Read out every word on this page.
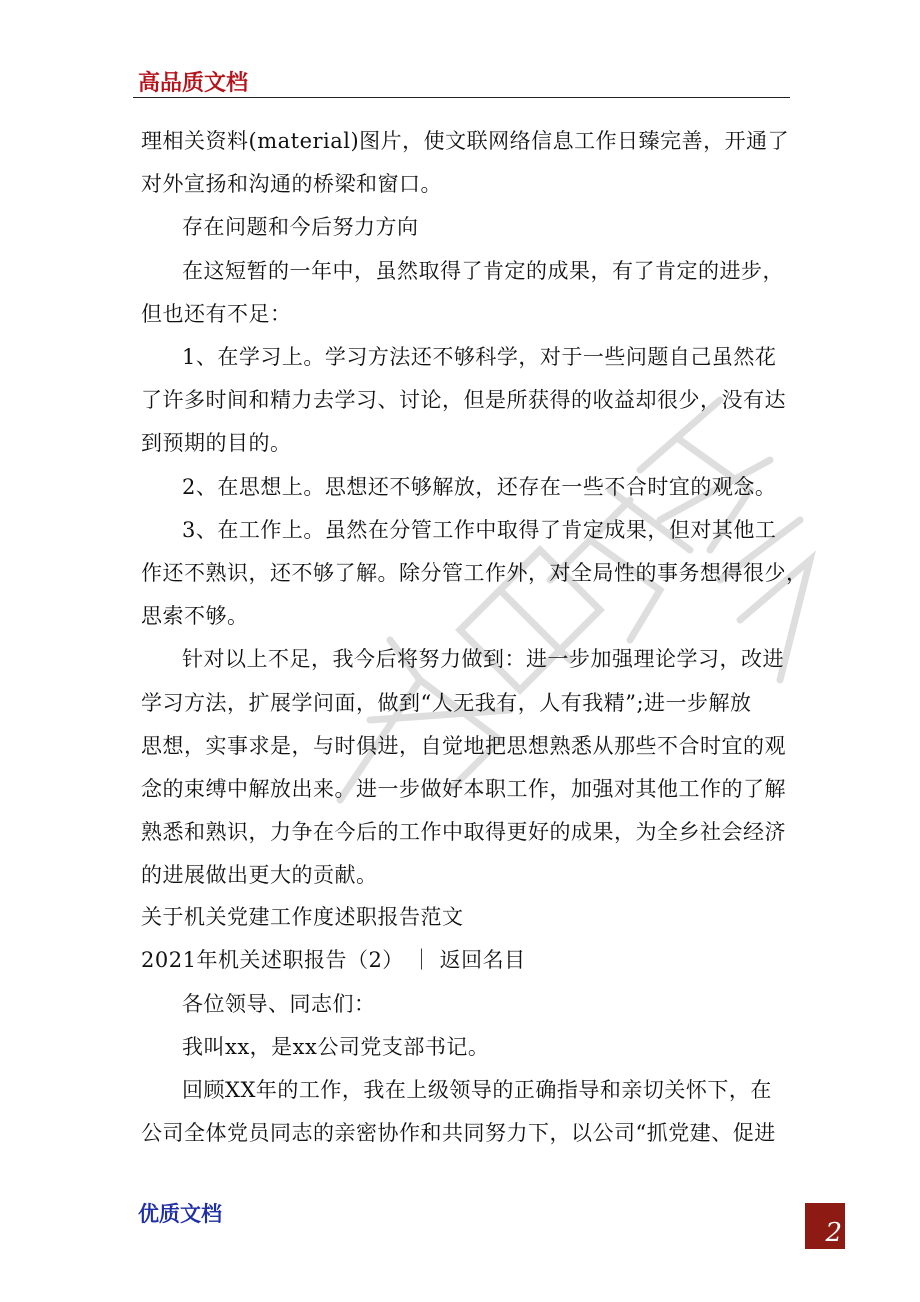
高品质文档
理相关资料(material)图片，使文联网络信息工作日臻完善，开通了
对外宣扬和沟通的桥梁和窗口。
存在问题和今后努力方向
在这短暂的一年中，虽然取得了肯定的成果，有了肯定的进步，
但也还有不足：
1、在学习上。学习方法还不够科学，对于一些问题自己虽然花
了许多时间和精力去学习、讨论，但是所获得的收益却很少，没有达
到预期的目的。
2、在思想上。思想还不够解放，还存在一些不合时宜的观念。
3、在工作上。虽然在分管工作中取得了肯定成果，但对其他工
作还不熟识，还不够了解。除分管工作外，对全局性的事务想得很少，
思索不够。
针对以上不足，我今后将努力做到：进一步加强理论学习，改进
学习方法，扩展学问面，做到“人无我有，人有我精”;进一步解放
思想，实事求是，与时俱进，自觉地把思想熟悉从那些不合时宜的观
念的束缚中解放出来。进一步做好本职工作，加强对其他工作的了解
熟悉和熟识，力争在今后的工作中取得更好的成果，为全乡社会经济
的进展做出更大的贡献。
关于机关党建工作度述职报告范文
2021年机关述职报告（2） ｜ 返回名目
各位领导、同志们：
我叫xx，是xx公司党支部书记。
回顾XX年的工作，我在上级领导的正确指导和亲切关怀下，在
公司全体党员同志的亲密协作和共同努力下，以公司“抓党建、促进
优质文档
2
